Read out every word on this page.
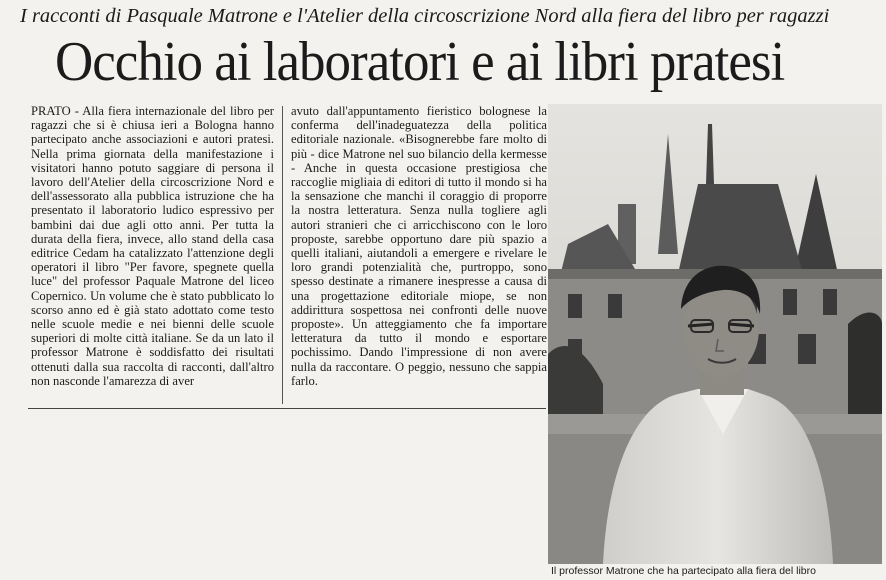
I racconti di Pasquale Matrone e l'Atelier della circoscrizione Nord alla fiera del libro per ragazzi
Occhio ai laboratori e ai libri pratesi
PRATO - Alla fiera internazionale del libro per ragazzi che si è chiusa ieri a Bologna hanno partecipato anche associazioni e autori pratesi. Nella prima giornata della manifestazione i visitatori hanno potuto saggiare di persona il lavoro dell'Atelier della circoscrizione Nord e dell'assessorato alla pubblica istruzione che ha presentato il laboratorio ludico espressivo per bambini dai due agli otto anni. Per tutta la durata della fiera, invece, allo stand della casa editrice Cedam ha catalizzato l'attenzione degli operatori il libro "Per favore, spegnete quella luce" del professor Paquale Matrone del liceo Copernico. Un volume che è stato pubblicato lo scorso anno ed è già stato adottato come testo nelle scuole medie e nei bienni delle scuole superiori di molte città italiane. Se da un lato il professor Matrone è soddisfatto dei risultati ottenuti dalla sua raccolta di racconti, dall'altro non nasconde l'amarezza di aver
avuto dall'appuntamento fieristico bolognese la conferma dell'inadeguatezza della politica editoriale nazionale. «Bisognerebbe fare molto di più - dice Matrone nel suo bilancio della kermesse - Anche in questa occasione prestigiosa che raccoglie migliaia di editori di tutto il mondo si ha la sensazione che manchi il coraggio di proporre la nostra letteratura. Senza nulla togliere agli autori stranieri che ci arricchiscono con le loro proposte, sarebbe opportuno dare più spazio a quelli italiani, aiutandoli a emergere e rivelare le loro grandi potenzialità che, purtroppo, sono spesso destinate a rimanere inespresse a causa di una progettazione editoriale miope, se non addirittura sospettosa nei confronti delle nuove proposte». Un atteggiamento che fa importare letteratura da tutto il mondo e esportare pochissimo. Dando l'impressione di non avere nulla da raccontare. O peggio, nessuno che sappia farlo.
Il professor Matrone che ha partecipato alla fiera del libro
